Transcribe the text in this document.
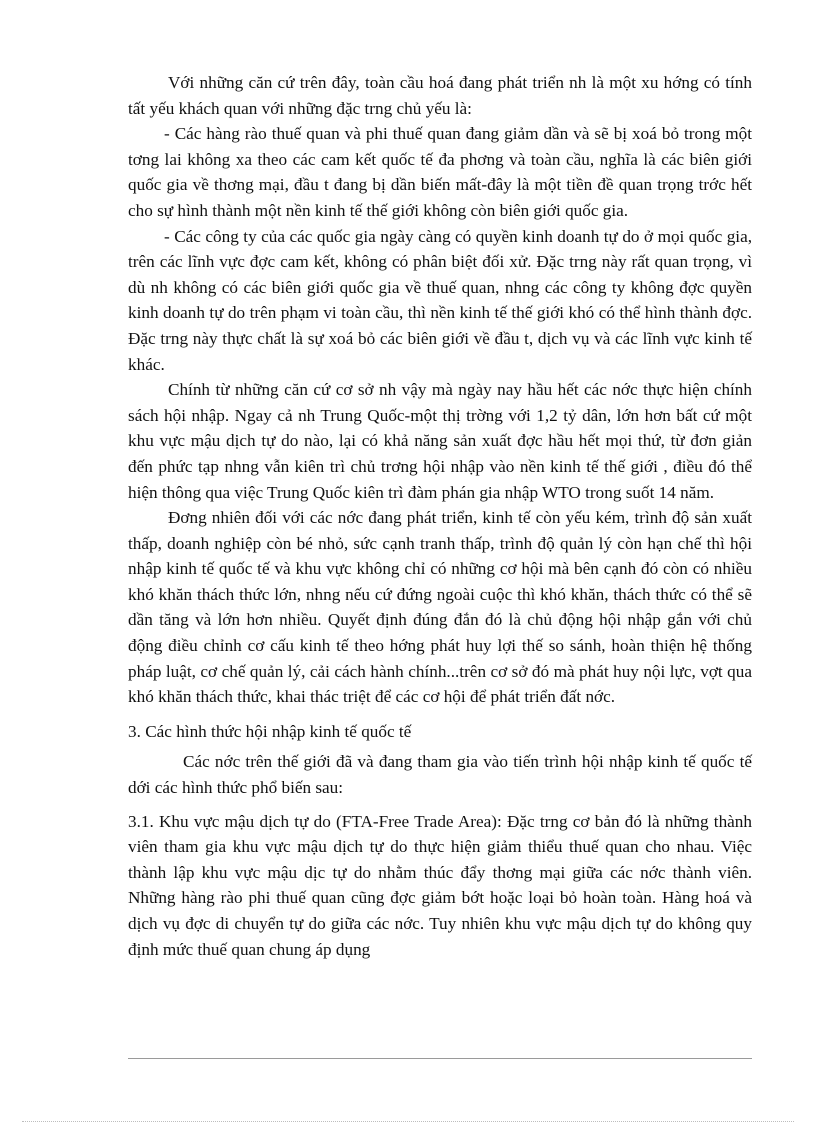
Với những căn cứ trên đây, toàn cầu hoá đang phát triển nh là một xu hớng có tính tất yếu khách quan với những đặc trng chủ yếu là:

- Các hàng rào thuế quan và phi thuế quan đang giảm dần và sẽ bị xoá bỏ trong một tơng lai không xa theo các cam kết quốc tế đa phơng và toàn cầu, nghĩa là các biên giới quốc gia về thơng mại, đầu t đang bị dần biến mất-đây là một tiền đề quan trọng trớc hết cho sự hình thành một nền kinh tế thế giới không còn biên giới quốc gia.

- Các công ty của các quốc gia ngày càng có quyền kinh doanh tự do ở mọi quốc gia, trên các lĩnh vực đợc cam kết, không có phân biệt đối xử. Đặc trng này rất quan trọng, vì dù nh không có các biên giới quốc gia về thuế quan, nhng các công ty không đợc quyền kinh doanh tự do trên phạm vi toàn cầu, thì nền kinh tế thế giới khó có thể hình thành đợc. Đặc trng này thực chất là sự xoá bỏ các biên giới về đầu t, dịch vụ và các lĩnh vực kinh tế khác.

Chính từ những căn cứ cơ sở nh vậy mà ngày nay hầu hết các nớc thực hiện chính sách hội nhập. Ngay cả nh Trung Quốc-một thị trờng với 1,2 tỷ dân, lớn hơn bất cứ một khu vực mậu dịch tự do nào, lại có khả năng sản xuất đợc hầu hết mọi thứ, từ đơn giản đến phức tạp nhng vẫn kiên trì chủ trơng hội nhập vào nền kinh tế thế giới , điều đó thể hiện thông qua việc Trung Quốc kiên trì đàm phán gia nhập WTO trong suốt 14 năm.

Đơng nhiên đối với các nớc đang phát triển, kinh tế còn yếu kém, trình độ sản xuất thấp, doanh nghiệp còn bé nhỏ, sức cạnh tranh thấp, trình độ quản lý còn hạn chế thì hội nhập kinh tế quốc tế và khu vực không chỉ có những cơ hội mà bên cạnh đó còn có nhiều khó khăn thách thức lớn, nhng nếu cứ đứng ngoài cuộc thì khó khăn, thách thức có thể sẽ dần tăng và lớn hơn nhiều. Quyết định đúng đắn đó là chủ động hội nhập gắn với chủ động điều chỉnh cơ cấu kinh tế theo hớng phát huy lợi thế so sánh, hoàn thiện hệ thống pháp luật, cơ chế quản lý, cải cách hành chính...trên cơ sở đó mà phát huy nội lực, vợt qua khó khăn thách thức, khai thác triệt để các cơ hội để phát triển đất nớc.

3. Các hình thức hội nhập kinh tế quốc tế

Các nớc trên thế giới đã và đang tham gia vào tiến trình hội nhập kinh tế quốc tế dới các hình thức phổ biến sau:

3.1. Khu vực mậu dịch tự do (FTA-Free Trade Area): Đặc trng cơ bản đó là những thành viên tham gia khu vực mậu dịch tự do thực hiện giảm thiểu thuế quan cho nhau. Việc thành lập khu vực mậu dịc tự do nhằm thúc đẩy thơng mại giữa các nớc thành viên. Những hàng rào phi thuế quan cũng đợc giảm bớt hoặc loại bỏ hoàn toàn. Hàng hoá và dịch vụ đợc di chuyển tự do giữa các nớc. Tuy nhiên khu vực mậu dịch tự do không quy định mức thuế quan chung áp dụng
